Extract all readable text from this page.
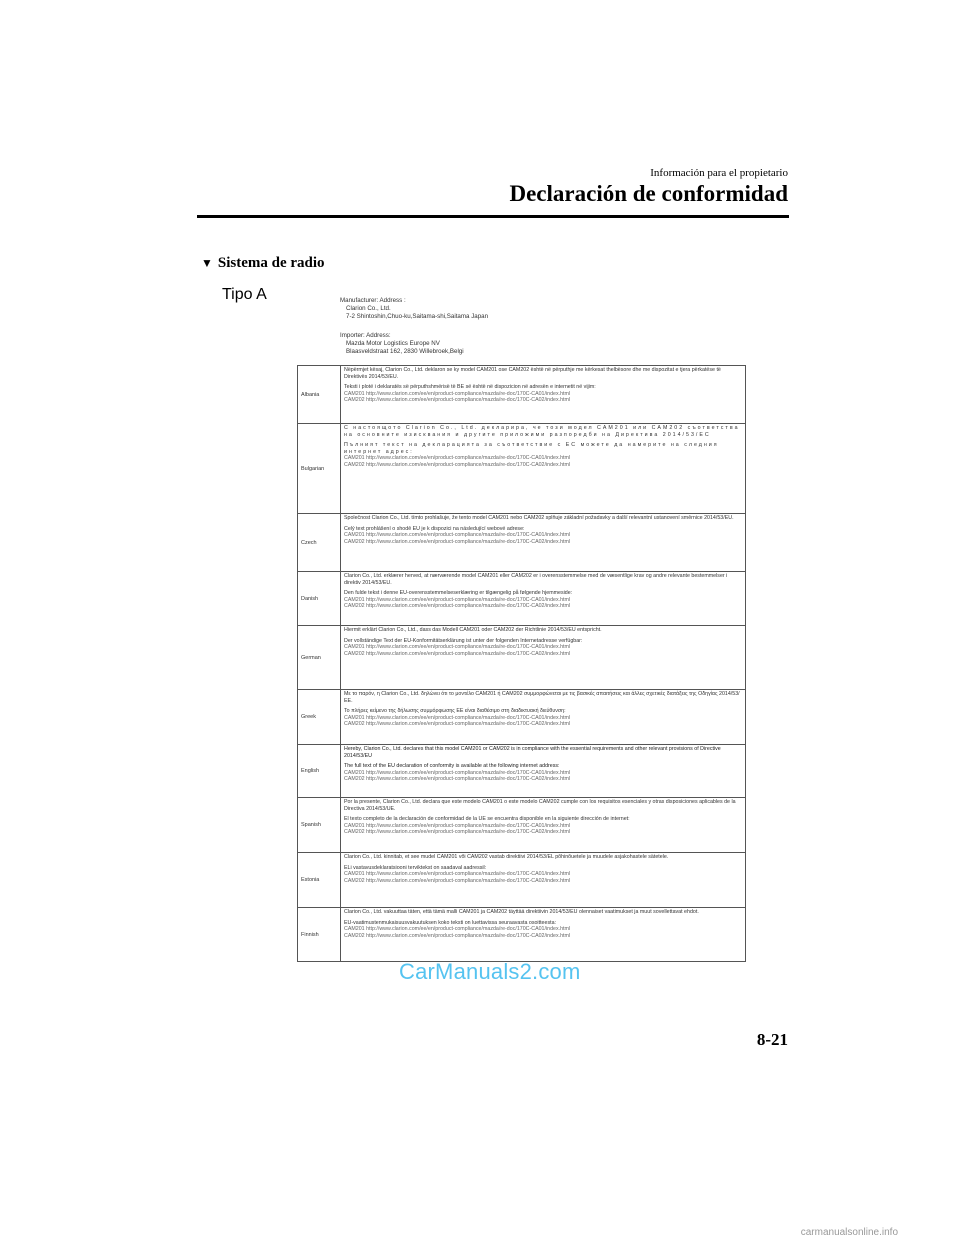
Información para el propietario
Declaración de conformidad
▼ Sistema de radio
Tipo A	Manufacturer: Address :
Clarion Co., Ltd.
7-2 Shintoshin,Chuo-ku,Saitama-shi,Saitama Japan
Importer: Address:
Mazda Motor Logistics Europe NV
Blaasveldstraat 162, 2830 Willebroek,Belgi
Albania	Nëpërmjet kësaj, Clarion Co., Ltd. deklaron se ky model CAM201 ose CAM202 është në përputhje me kërkesat thelbësore dhe me dispozitat e tjera përkatëse të Direktivës 2014/53/EU.
Teksti i plotë i deklaratës së përputhshmërisë të BE së është në dispozicion në adresën e internetit në vijim:
CAM201 http://www.clarion.com/ee/en/product-compliance/mazda/re-doc/170C-CA01/index.html
CAM202 http://www.clarion.com/ee/en/product-compliance/mazda/re-doc/170C-CA02/index.html

Bulgarian	С настоящото Clarion Co., Ltd. декларира, че този модел CAM201 или CAM202 съответства на основните изисквания и другите приложими разпоредби на Директива 2014/53/ЕС
Пълният текст на декларацията за съответствие с ЕС можете да намерите на следния интернет адрес:
CAM201 http://www.clarion.com/ee/en/product-compliance/mazda/re-doc/170C-CA01/index.html
CAM202 http://www.clarion.com/ee/en/product-compliance/mazda/re-doc/170C-CA02/index.html

Czech	Společnost Clarion Co., Ltd. tímto prohlašuje, že tento model CAM201 nebo CAM202 splňuje základní požadavky a další relevantní ustanovení směrnice 2014/53/EU.
Celý text prohlášení o shodě EU je k dispozici na následující webové adrese:
CAM201 http://www.clarion.com/ee/en/product-compliance/mazda/re-doc/170C-CA01/index.html
CAM202 http://www.clarion.com/ee/en/product-compliance/mazda/re-doc/170C-CA02/index.html

Danish	Clarion Co., Ltd. erklærer herved, at nærværende model CAM201 eller CAM202 er i overensstemmelse med de væsentlige krav og andre relevante bestemmelser i direktiv 2014/53/EU.
Den fulde tekst i denne EU-overensstemmelseserklæring er tilgængelig på følgende hjemmeside:
CAM201 http://www.clarion.com/ee/en/product-compliance/mazda/re-doc/170C-CA01/index.html
CAM202 http://www.clarion.com/ee/en/product-compliance/mazda/re-doc/170C-CA02/index.html

German	Hiermit erklärt Clarion Co., Ltd., dass das Modell CAM201 oder CAM202 der Richtlinie 2014/53/EU entspricht.
Der vollständige Text der EU-Konformitätserklärung ist unter der folgenden Internetadresse verfügbar:
CAM201 http://www.clarion.com/ee/en/product-compliance/mazda/re-doc/170C-CA01/index.html
CAM202 http://www.clarion.com/ee/en/product-compliance/mazda/re-doc/170C-CA02/index.html

Greek	Με το παρόν, η Clarion Co., Ltd. δηλώνει ότι το μοντέλο CAM201 ή CAM202 συμμορφώνεται με τις βασικές απαιτήσεις και άλλες σχετικές διατάξεις της Οδηγίας 2014/53/ΕΕ.
Το πλήρες κείμενο της δήλωσης συμμόρφωσης ΕΕ είναι διαθέσιμο στη διαδικτυακή διεύθυνση:
CAM201 http://www.clarion.com/ee/en/product-compliance/mazda/re-doc/170C-CA01/index.html
CAM202 http://www.clarion.com/ee/en/product-compliance/mazda/re-doc/170C-CA02/index.html

English	Hereby, Clarion Co., Ltd. declares that this model CAM201 or CAM202 is in compliance with the essential requirements and other relevant provisions of Directive 2014/53/EU
The full text of the EU declaration of conformity is available at the following internet address:
CAM201 http://www.clarion.com/ee/en/product-compliance/mazda/re-doc/170C-CA01/index.html
CAM202 http://www.clarion.com/ee/en/product-compliance/mazda/re-doc/170C-CA02/index.html

Spanish	Por la presente, Clarion Co., Ltd. declara que este modelo CAM201 o este modelo CAM202 cumple con los requisitos esenciales y otras disposiciones aplicables de la Directiva 2014/53/UE.
El texto completo de la declaración de conformidad de la UE se encuentra disponible en la siguiente dirección de internet:
CAM201 http://www.clarion.com/ee/en/product-compliance/mazda/re-doc/170C-CA01/index.html
CAM202 http://www.clarion.com/ee/en/product-compliance/mazda/re-doc/170C-CA02/index.html

Estonia	Clarion Co., Ltd. kinnitab, et see mudel CAM201 või CAM202 vastab direktiivi 2014/53/EL põhinõuetele ja muudele asjakohastele sätetele.
ELi vastavusdeklaratsiooni terviktekst on saadaval aadressil:
CAM201 http://www.clarion.com/ee/en/product-compliance/mazda/re-doc/170C-CA01/index.html
CAM202 http://www.clarion.com/ee/en/product-compliance/mazda/re-doc/170C-CA02/index.html

Finnish	Clarion Co., Ltd. vakuuttaa täten, että tämä malli CAM201 ja CAM202 täyttää direktiivin 2014/53/EU olennaiset vaatimukset ja muut sovellettavat ehdot.
EU-vaatimustenmukaisuusvakuutuksen koko teksti on luettavissa seuraavasta osoitteesta:
CAM201 http://www.clarion.com/ee/en/product-compliance/mazda/re-doc/170C-CA01/index.html
CAM202 http://www.clarion.com/ee/en/product-compliance/mazda/re-doc/170C-CA02/index.html
CarManuals2.com
8-21
carmanualsonline.info
